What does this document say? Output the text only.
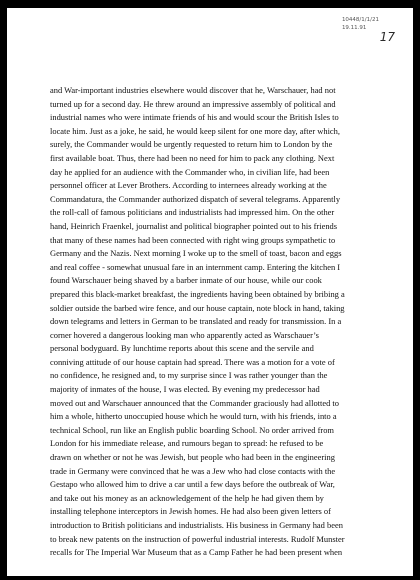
10448/1/1/21
19.11.91
17
and War-important industries elsewhere would discover that he, Warschauer, had not
turned up for a second day. He threw around an impressive assembly of political and
industrial names who were intimate friends of his and would scour the British Isles to
locate him. Just as a joke, he said, he would keep silent for one more day, after which,
surely, the Commander would be urgently requested to return him to London by the
first available boat. Thus, there had been no need for him to pack any clothing. Next
day he applied for an audience with the Commander who, in civilian life, had been
personnel officer at Lever Brothers. According to internees already working at the
Commandatura, the Commander authorized dispatch of several telegrams. Apparently
the roll-call of famous politicians and industrialists had impressed him. On the other
hand, Heinrich Fraenkel, journalist and political biographer pointed out to his friends
that many of these names had been connected with right wing groups sympathetic to
Germany and the Nazis. Next morning I woke up to the smell of toast, bacon and eggs
and real coffee - somewhat unusual fare in an internment camp. Entering the kitchen I
found Warschauer being shaved by a barber inmate of our house, while our cook
prepared this black-market breakfast, the ingredients having been obtained by bribing a
soldier outside the barbed wire fence, and our house captain, note block in hand, taking
down telegrams and letters in German to be translated and ready for transmission. In a
corner hovered a dangerous looking man who apparently acted as Warschauer’s
personal bodyguard. By lunchtime reports about this scene and the servile and
conniving attitude of our house captain had spread. There was a motion for a vote of
no confidence, he resigned and, to my surprise since I was rather younger than the
majority of inmates of the house, I was elected. By evening my predecessor had
moved out and Warschauer announced that the Commander graciously had allotted to
him a whole, hitherto unoccupied house which he would turn, with his friends, into a
technical School, run like an English public boarding School. No order arrived from
London for his immediate release, and rumours began to spread: he refused to be
drawn on whether or not he was Jewish, but people who had been in the engineering
trade in Germany were convinced that he was a Jew who had close contacts with the
Gestapo who allowed him to drive a car until a few days before the outbreak of War,
and take out his money as an acknowledgement of the help he had given them by
installing telephone interceptors in Jewish homes. He had also been given letters of
introduction to British politicians and industrialists. His business in Germany had been
to break new patents on the instruction of powerful industrial interests. Rudolf Munster
recalls for The Imperial War Museum that as a Camp Father he had been present when
